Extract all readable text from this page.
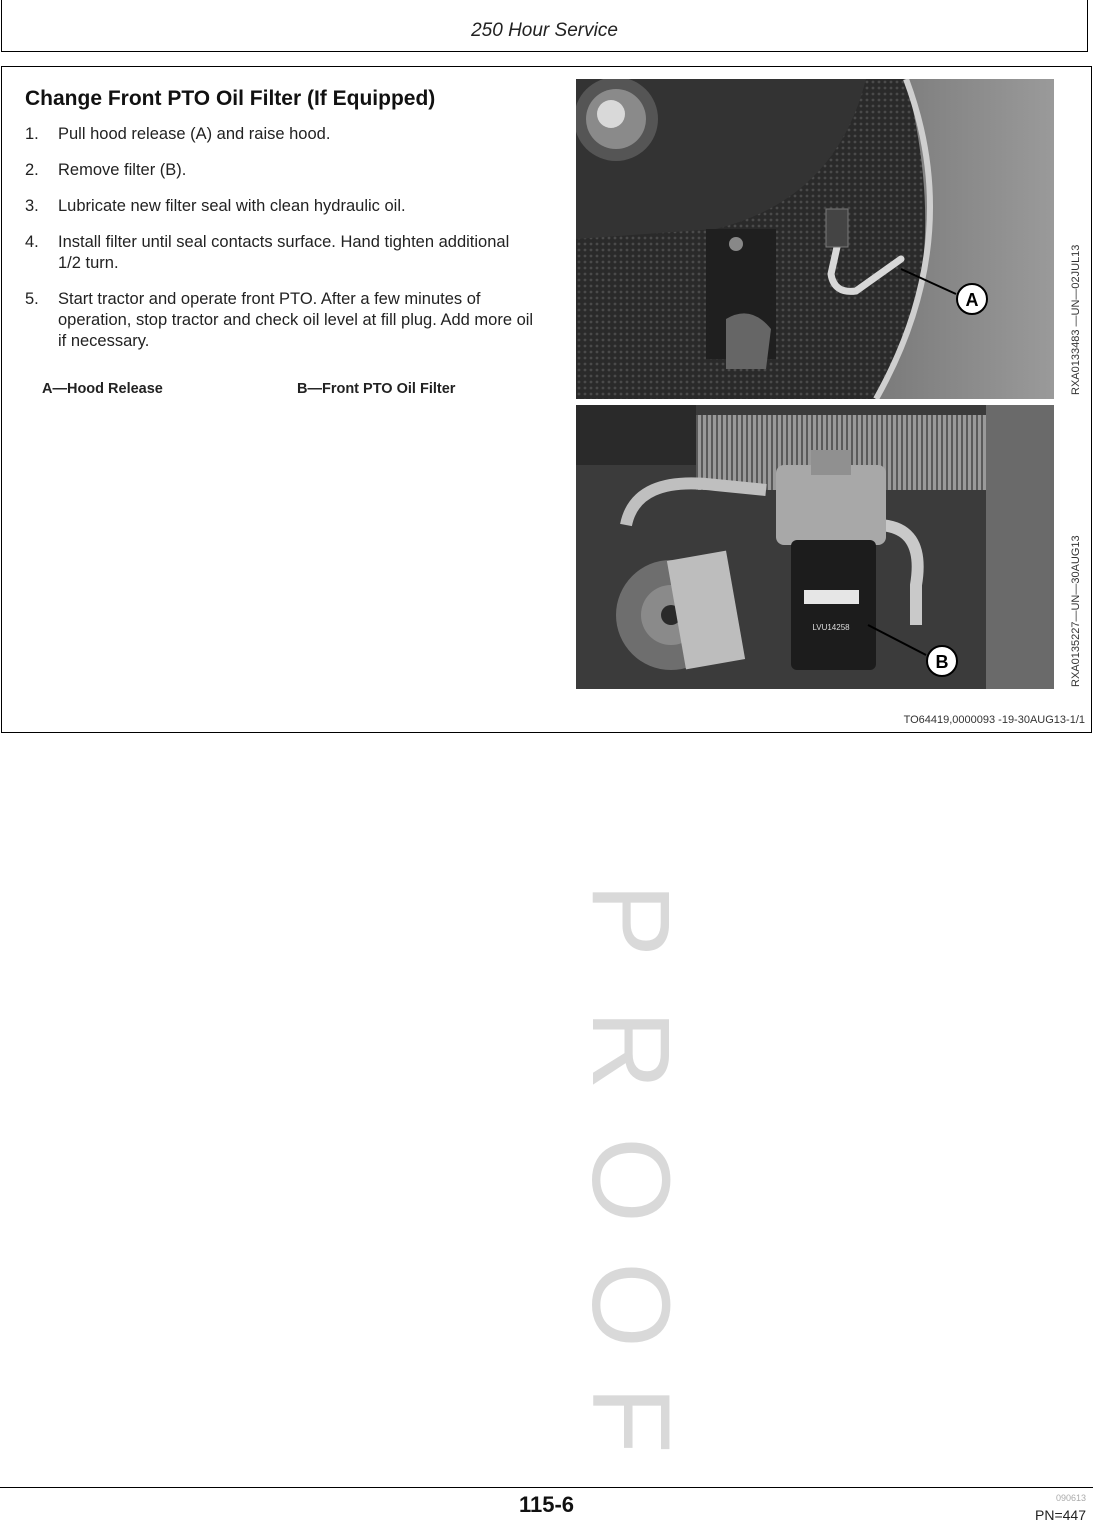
250 Hour Service
Change Front PTO Oil Filter (If Equipped)
1. Pull hood release (A) and raise hood.
2. Remove filter (B).
3. Lubricate new filter seal with clean hydraulic oil.
4. Install filter until seal contacts surface. Hand tighten additional 1/2 turn.
5. Start tractor and operate front PTO. After a few minutes of operation, stop tractor and check oil level at fill plug. Add more oil if necessary.
A—Hood Release	B—Front PTO Oil Filter
A
LVU14258
B
RXA0133483 —UN—02JUL13
RXA0135227—UN—30AUG13
TO64419,0000093 -19-30AUG13-1/1
P
R
O
O
F
115-6	090613
PN=447
